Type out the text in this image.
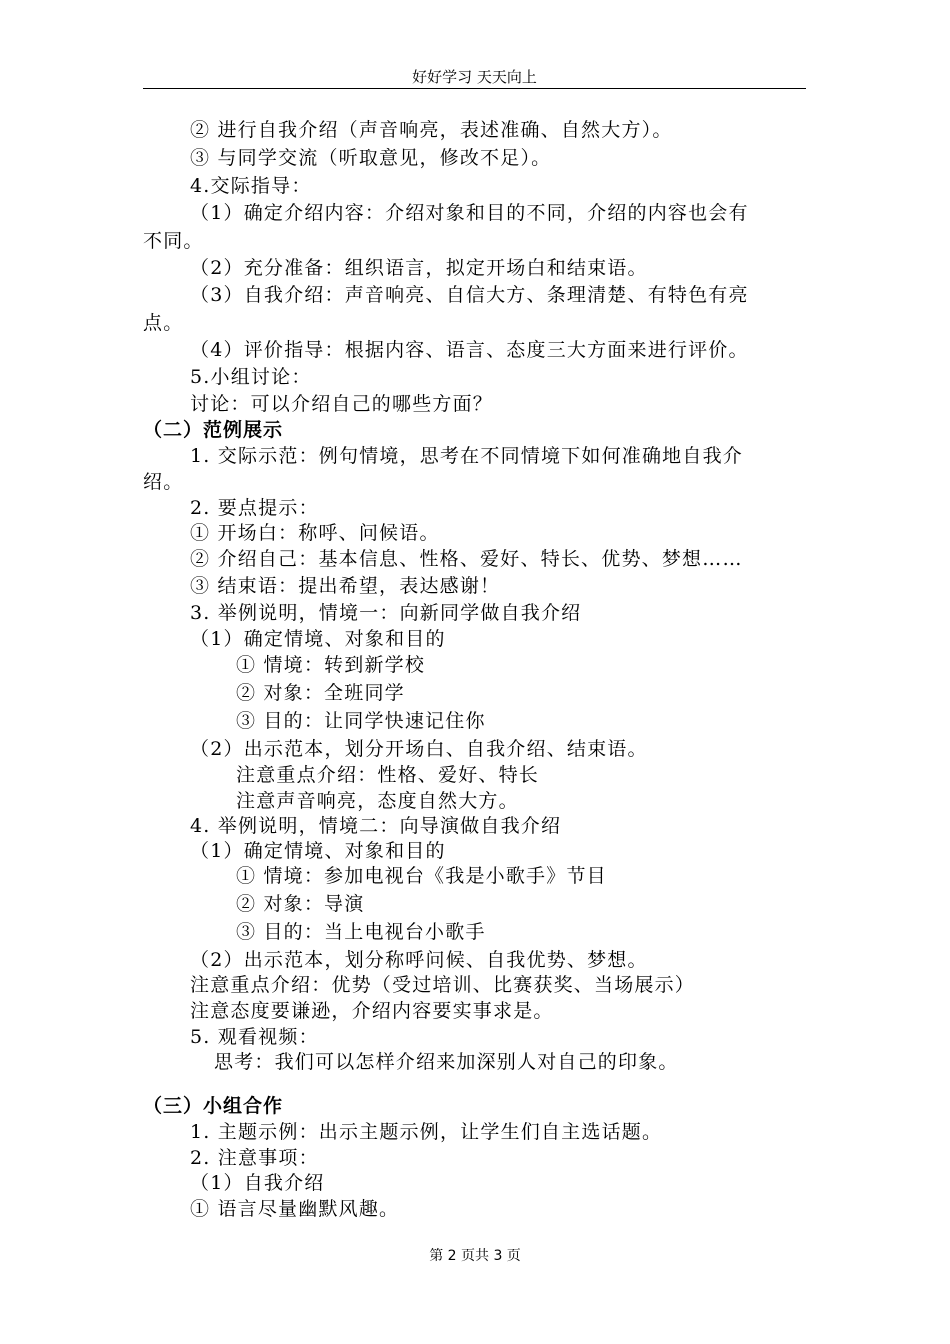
好好学习 天天向上
② 进行自我介绍（声音响亮，表述准确、自然大方）。
③ 与同学交流（听取意见，修改不足）。
4.交际指导：
（1）确定介绍内容：介绍对象和目的不同，介绍的内容也会有
不同。
（2）充分准备：组织语言，拟定开场白和结束语。
（3）自我介绍：声音响亮、自信大方、条理清楚、有特色有亮
点。
（4）评价指导：根据内容、语言、态度三大方面来进行评价。
5.小组讨论：
讨论：可以介绍自己的哪些方面？
（二）范例展示
1. 交际示范：例句情境，思考在不同情境下如何准确地自我介
绍。
2. 要点提示：
① 开场白：称呼、问候语。
② 介绍自己：基本信息、性格、爱好、特长、优势、梦想……
③ 结束语：提出希望，表达感谢！
3. 举例说明，情境一：向新同学做自我介绍
（1）确定情境、对象和目的
① 情境：转到新学校
② 对象：全班同学
③ 目的：让同学快速记住你
（2）出示范本，划分开场白、自我介绍、结束语。
注意重点介绍：性格、爱好、特长
注意声音响亮，态度自然大方。
4. 举例说明，情境二：向导演做自我介绍
（1）确定情境、对象和目的
① 情境：参加电视台《我是小歌手》节目
② 对象：导演
③ 目的：当上电视台小歌手
（2）出示范本，划分称呼问候、自我优势、梦想。
注意重点介绍：优势（受过培训、比赛获奖、当场展示）
注意态度要谦逊，介绍内容要实事求是。
5. 观看视频：
思考：我们可以怎样介绍来加深别人对自己的印象。
（三）小组合作
1. 主题示例：出示主题示例，让学生们自主选话题。
2. 注意事项：
（1）自我介绍
① 语言尽量幽默风趣。
第 2 页共 3 页
